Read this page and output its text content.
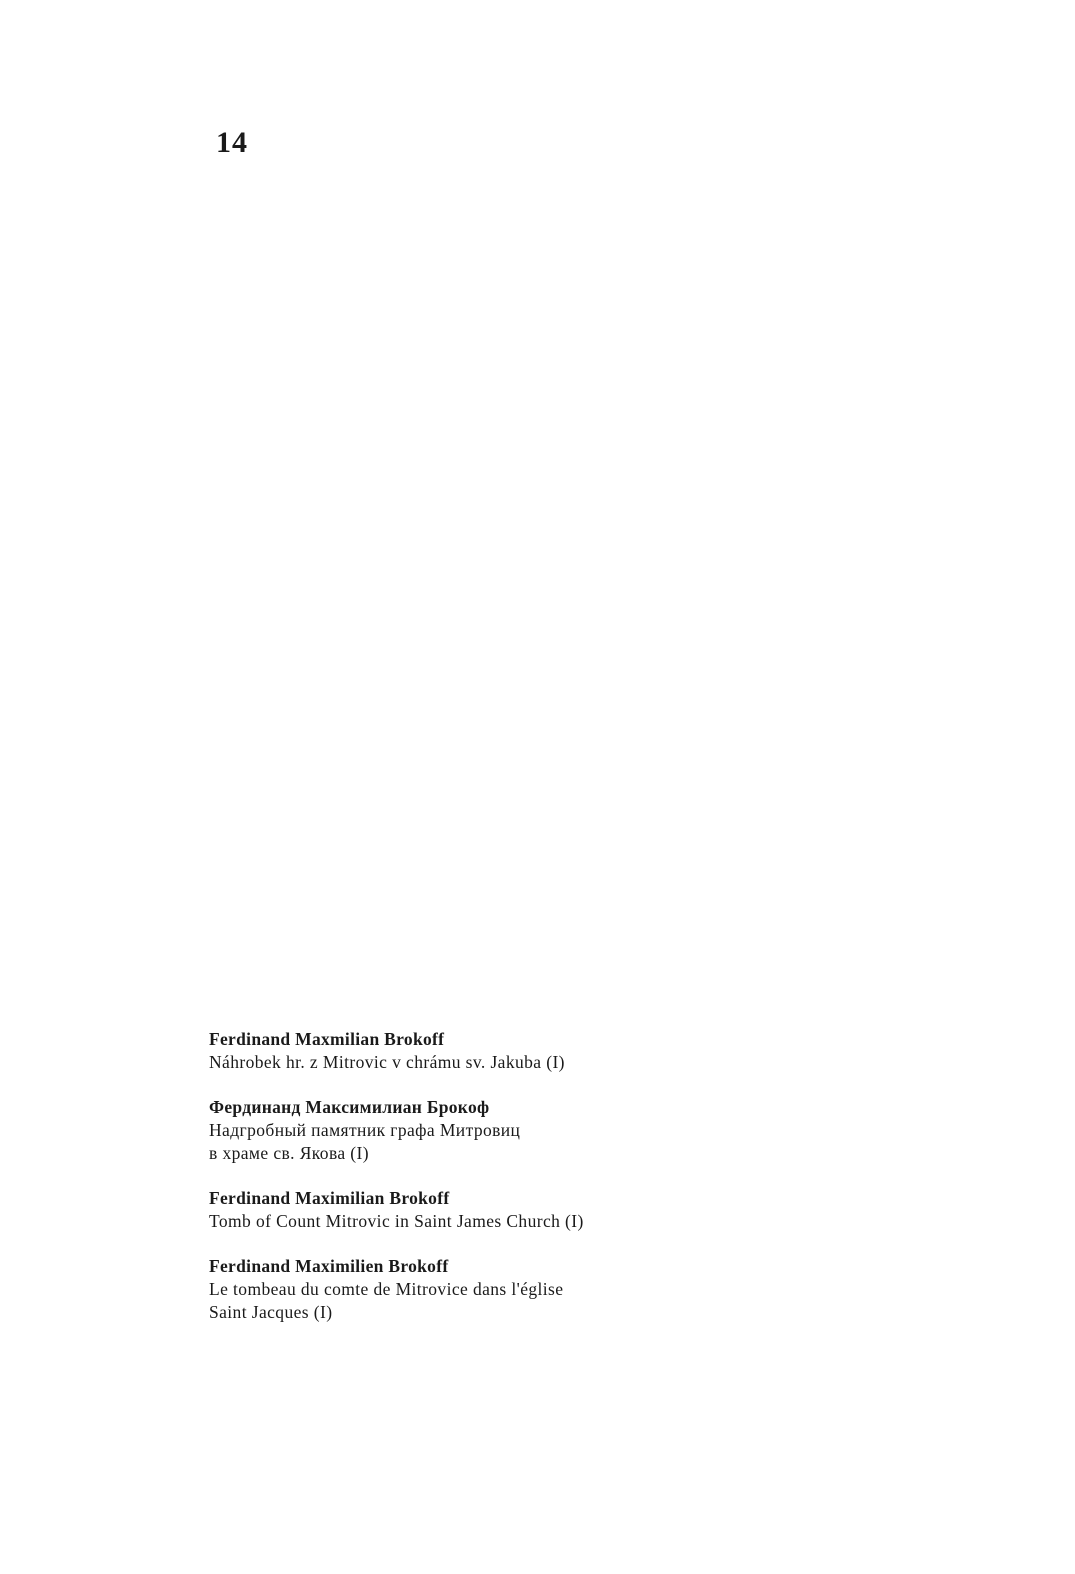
14
Ferdinand Maxmilian Brokoff
Náhrobek hr. z Mitrovic v chrámu sv. Jakuba (I)
Фердинанд Максимилиан Брокоф
Надгробный памятник графа Митровиц
в храме св. Якова (I)
Ferdinand Maximilian Brokoff
Tomb of Count Mitrovic in Saint James Church (I)
Ferdinand Maximilien Brokoff
Le tombeau du comte de Mitrovice dans l'église
Saint Jacques (I)
